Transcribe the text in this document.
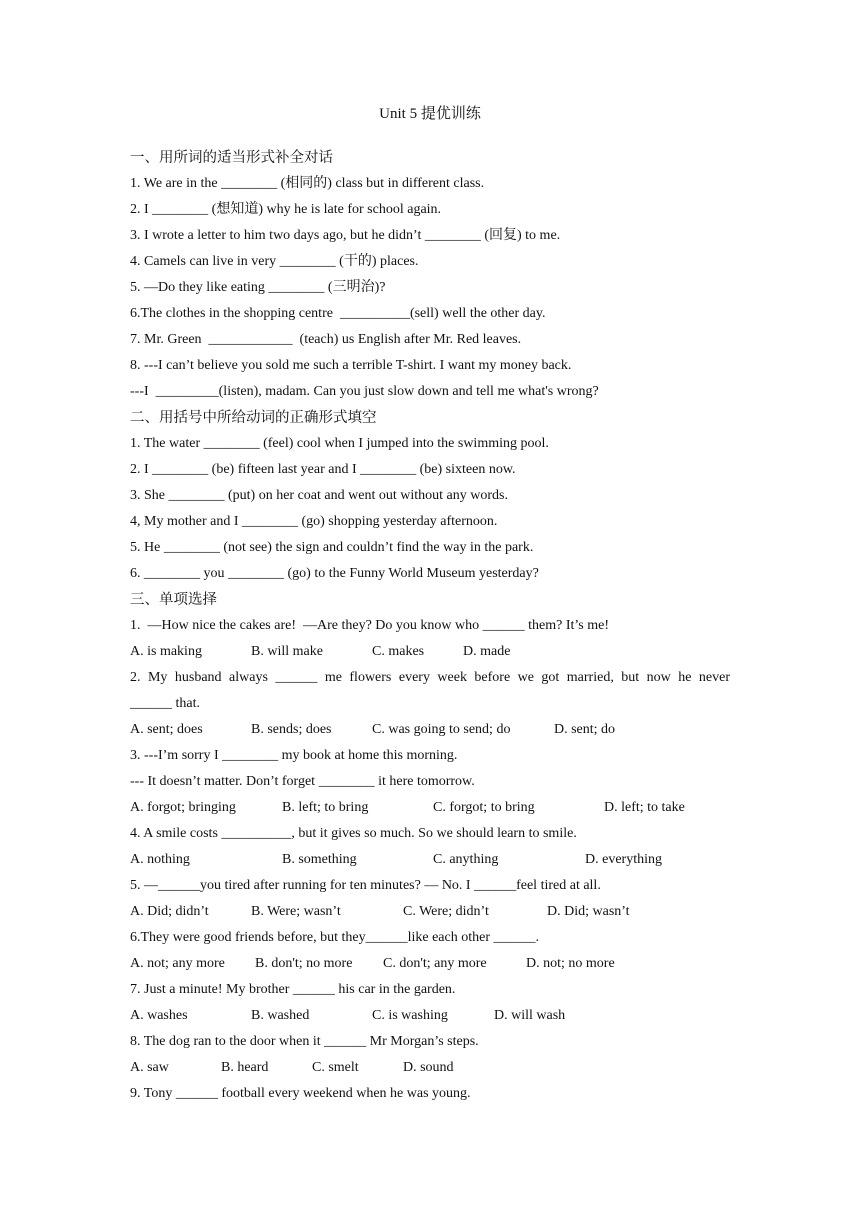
Unit 5 提优训练
一、用所词的适当形式补全对话
1. We are in the ________ (相同的) class but in different class.
2. I ________ (想知道) why he is late for school again.
3. I wrote a letter to him two days ago, but he didn’t ________ (回复) to me.
4. Camels can live in very ________ (干的) places.
5. —Do they like eating ________ (三明治)?
6.The clothes in the shopping centre  __________(sell) well the other day.
7. Mr. Green  ____________  (teach) us English after Mr. Red leaves.
8. ---I can’t believe you sold me such a terrible T-shirt. I want my money back.
---I  _________(listen), madam. Can you just slow down and tell me what's wrong?
二、用括号中所给动词的正确形式填空
1. The water ________ (feel) cool when I jumped into the swimming pool.
2. I ________ (be) fifteen last year and I ________ (be) sixteen now.
3. She ________ (put) on her coat and went out without any words.
4, My mother and I ________ (go) shopping yesterday afternoon.
5. He ________ (not see) the sign and couldn’t find the way in the park.
6. ________ you ________ (go) to the Funny World Museum yesterday?
三、单项选择
1.  —How nice the cakes are!  —Are they? Do you know who ______ them? It’s me!
A. is making	B. will make	C. makes	D. made
2. My husband always ______ me flowers every week before we got married, but now he never
______ that.
A. sent; does	B. sends; does	C. was going to send; do	D. sent; do
3. ---I’m sorry I ________ my book at home this morning.
--- It doesn’t matter. Don’t forget ________ it here tomorrow.
A. forgot; bringing	B. left; to bring	C. forgot; to bring	D. left; to take
4. A smile costs __________, but it gives so much. So we should learn to smile.
A. nothing	B. something	C. anything	D. everything
5. —______you tired after running for ten minutes? — No. I ______feel tired at all.
A. Did; didn’t	B. Were; wasn’t	C. Were; didn’t	D. Did; wasn’t
6.They were good friends before, but they______like each other ______.
A. not; any more	B. don't; no more	C. don't; any more	D. not; no more
7. Just a minute! My brother ______ his car in the garden.
A. washes	B. washed	C. is washing	D. will wash
8. The dog ran to the door when it ______ Mr Morgan’s steps.
A. saw	B. heard	C. smelt	D. sound
9. Tony ______ football every weekend when he was young.
